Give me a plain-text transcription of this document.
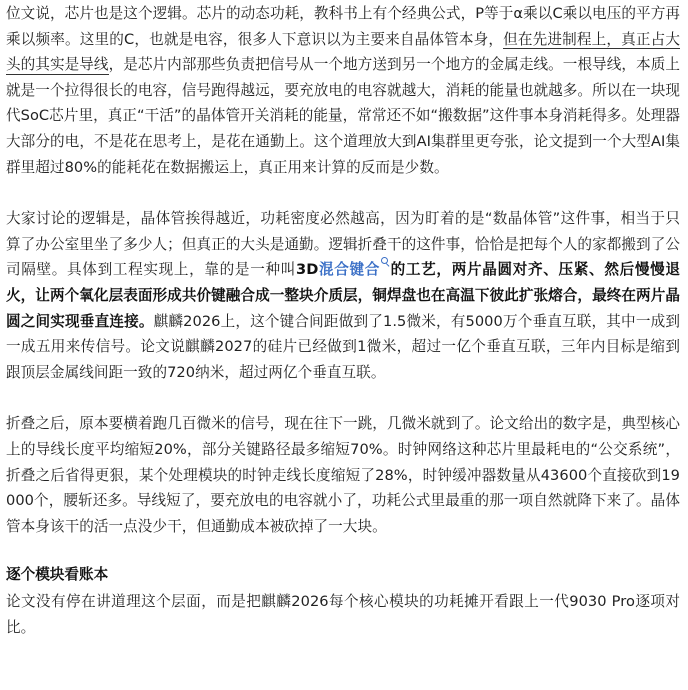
位文说，芯片也是这个逻辑。芯片的动态功耗，教科书上有个经典公式，P等于α乘以C乘以电压的平方再乘以频率。这里的C，也就是电容，很多人下意识以为主要来自晶体管本身，但在先进制程上，真正占大头的其实是导线，是芯片内部那些负责把信号从一个地方送到另一个地方的金属走线。一根导线，本质上就是一个拉得很长的电容，信号跑得越远，要充放电的电容就越大，消耗的能量也就越多。所以在一块现代SoC芯片里，真正“干活”的晶体管开关消耗的能量，常常还不如“搬数据”这件事本身消耗得多。处理器大部分的电，不是花在思考上，是花在通勤上。这个道理放大到AI集群里更夸张，论文提到一个大型AI集群里超过80%的能耗花在数据搬运上，真正用来计算的反而是少数。

大家讨论的逻辑是，晶体管挨得越近，功耗密度必然越高，因为盯着的是“数晶体管”这件事，相当于只算了办公室里坐了多少人；但真正的大头是通勤。逻辑折叠干的这件事，恰恰是把每个人的家都搬到了公司隔壁。具体到工程实现上，靠的是一种叫3D混合键合 的工艺，两片晶圆对齐、压紧、然后慢慢退火，让两个氧化层表面形成共价键融合成一整块介质层，铜焊盘也在高温下彼此扩张熔合，最终在两片晶圆之间实现垂直连接。麒麟2026上，这个键合间距做到了1.5微米，有5000万个垂直互联，其中一成到一成五用来传信号。论文说麒麟2027的硅片已经做到1微米，超过一亿个垂直互联，三年内目标是缩到跟顶层金属线间距一致的720纳米，超过两亿个垂直互联。

折叠之后，原本要横着跑几百微米的信号，现在往下一跳，几微米就到了。论文给出的数字是，典型核心上的导线长度平均缩短20%，部分关键路径最多缩短70%。时钟网络这种芯片里最耗电的“公交系统”，折叠之后省得更狠，某个处理模块的时钟走线长度缩短了28%，时钟缓冲器数量从43600个直接砍到19000个，腰斩还多。导线短了，要充放电的电容就小了，功耗公式里最重的那一项自然就降下来了。晶体管本身该干的活一点没少干，但通勤成本被砍掉了一大块。

逐个模块看账本

论文没有停在讲道理这个层面，而是把麒麟2026每个核心模块的功耗摊开看跟上一代9030 Pro逐项对比。
